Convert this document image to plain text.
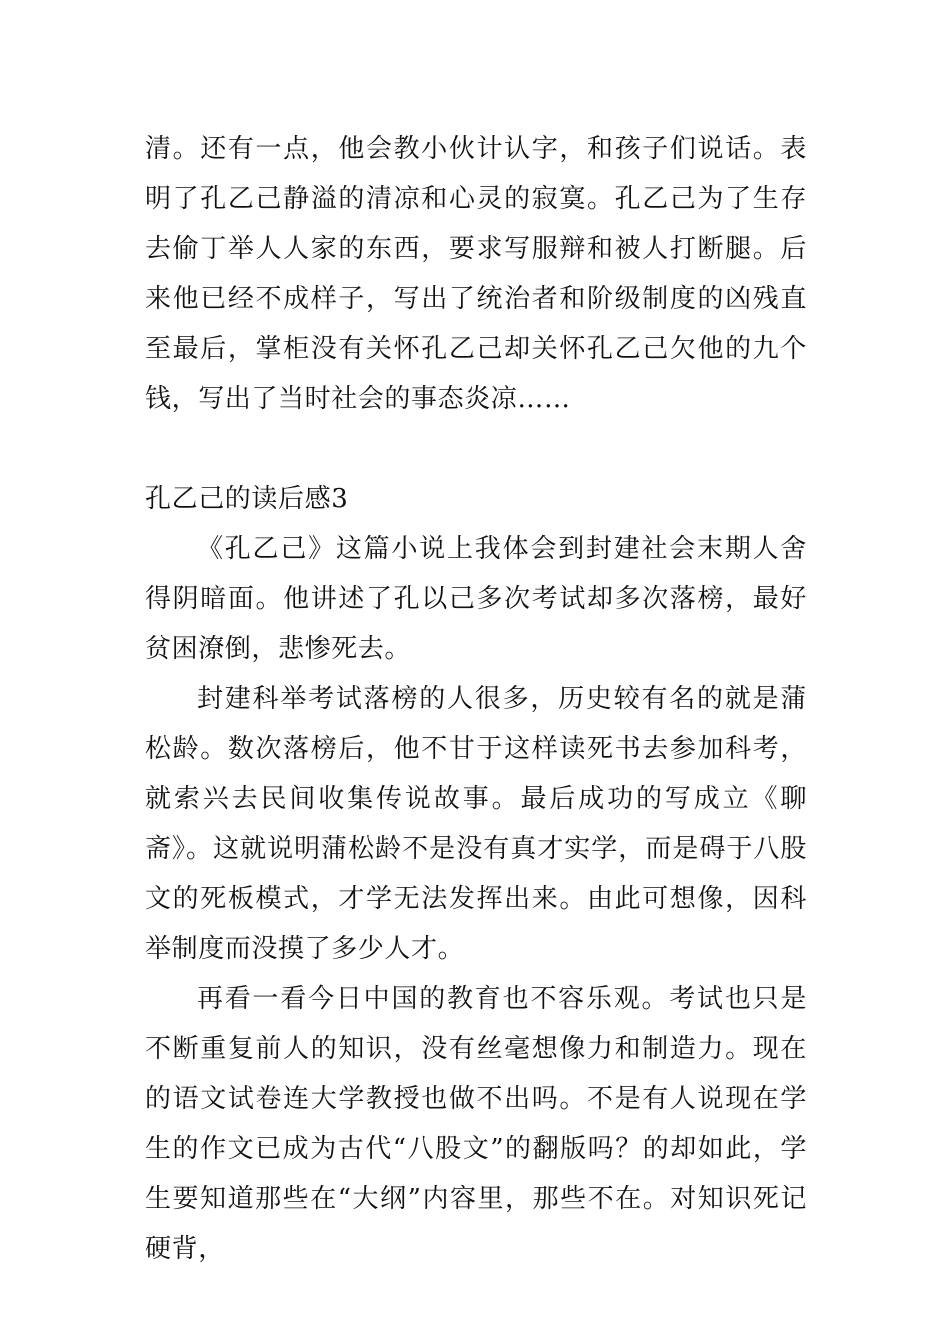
清。还有一点，他会教小伙计认字，和孩子们说话。表明了孔乙己静溢的清凉和心灵的寂寞。孔乙己为了生存去偷丁举人人家的东西，要求写服辩和被人打断腿。后来他已经不成样子，写出了统治者和阶级制度的凶残直至最后，掌柜没有关怀孔乙己却关怀孔乙己欠他的九个钱，写出了当时社会的事态炎凉……

孔乙己的读后感3

《孔乙己》这篇小说上我体会到封建社会末期人舍得阴暗面。他讲述了孔以己多次考试却多次落榜，最好贫困潦倒，悲惨死去。

封建科举考试落榜的人很多，历史较有名的就是蒲松龄。数次落榜后，他不甘于这样读死书去参加科考，就索兴去民间收集传说故事。最后成功的写成立《聊斋》。这就说明蒲松龄不是没有真才实学，而是碍于八股文的死板模式，才学无法发挥出来。由此可想像，因科举制度而没摸了多少人才。

再看一看今日中国的教育也不容乐观。考试也只是不断重复前人的知识，没有丝毫想像力和制造力。现在的语文试卷连大学教授也做不出吗。不是有人说现在学生的作文已成为古代“八股文”的翻版吗？的却如此，学生要知道那些在“大纲”内容里，那些不在。对知识死记硬背，
